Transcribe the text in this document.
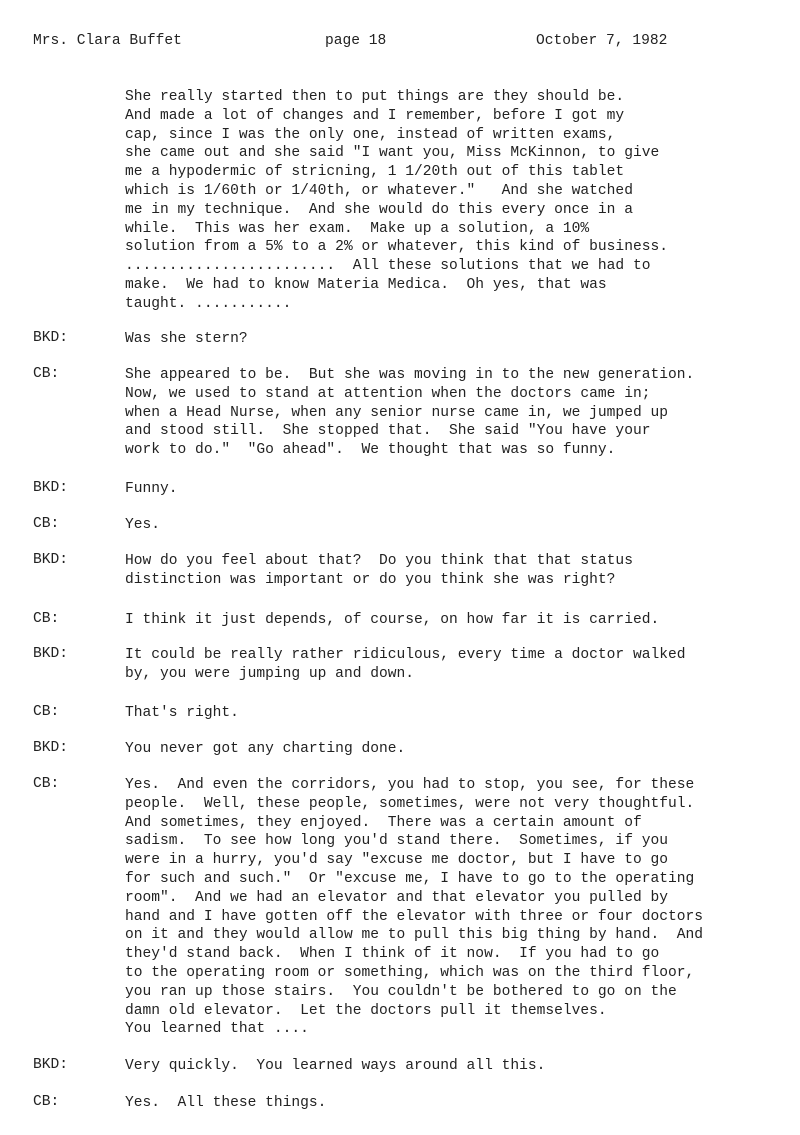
Mrs. Clara Buffet	page 18	October 7, 1982
She really started then to put things are they should be.
And made a lot of changes and I remember, before I got my
cap, since I was the only one, instead of written exams,
she came out and she said "I want you, Miss McKinnon, to give
me a hypodermic of stricning, 1 1/20th out of this tablet
which is 1/60th or 1/40th, or whatever."   And she watched
me in my technique.  And she would do this every once in a
while.  This was her exam.  Make up a solution, a 10%
solution from a 5% to a 2% or whatever, this kind of business.
........................  All these solutions that we had to
make.  We had to know Materia Medica.  Oh yes, that was
taught. ...........
BKD:	Was she stern?
CB:	She appeared to be.  But she was moving in to the new generation.
Now, we used to stand at attention when the doctors came in;
when a Head Nurse, when any senior nurse came in, we jumped up
and stood still.  She stopped that.  She said "You have your
work to do."  "Go ahead".  We thought that was so funny.
BKD:	Funny.
CB:	Yes.
BKD:	How do you feel about that?  Do you think that that status
distinction was important or do you think she was right?
CB:	I think it just depends, of course, on how far it is carried.
BKD:	It could be really rather ridiculous, every time a doctor walked
by, you were jumping up and down.
CB:	That's right.
BKD:	You never got any charting done.
CB:	Yes.  And even the corridors, you had to stop, you see, for these
people.  Well, these people, sometimes, were not very thoughtful.
And sometimes, they enjoyed.  There was a certain amount of
sadism.  To see how long you'd stand there.  Sometimes, if you
were in a hurry, you'd say "excuse me doctor, but I have to go
for such and such."  Or "excuse me, I have to go to the operating
room".  And we had an elevator and that elevator you pulled by
hand and I have gotten off the elevator with three or four doctors
on it and they would allow me to pull this big thing by hand.  And
they'd stand back.  When I think of it now.  If you had to go
to the operating room or something, which was on the third floor,
you ran up those stairs.  You couldn't be bothered to go on the
damn old elevator.  Let the doctors pull it themselves.
You learned that ....
BKD:	Very quickly.  You learned ways around all this.
CB:	Yes.  All these things.
